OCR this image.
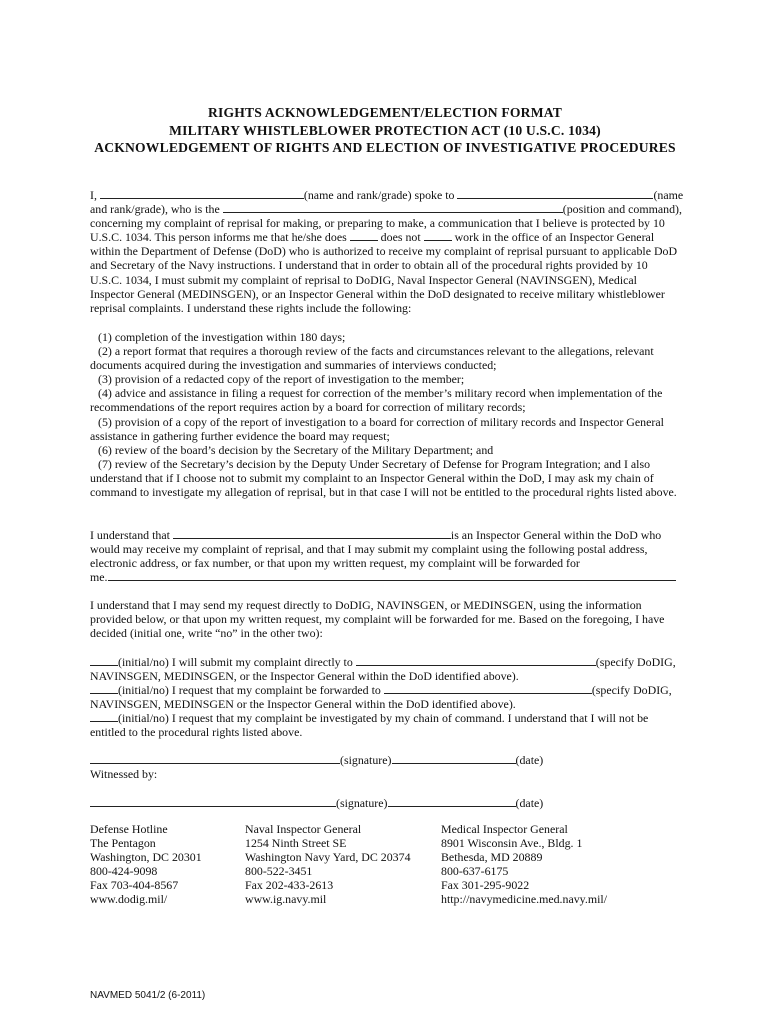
RIGHTS ACKNOWLEDGEMENT/ELECTION FORMAT
MILITARY WHISTLEBLOWER PROTECTION ACT (10 U.S.C. 1034)
ACKNOWLEDGEMENT OF RIGHTS AND ELECTION OF INVESTIGATIVE PROCEDURES
I,	(name and rank/grade) spoke to	(name
and rank/grade), who is the	(position and command),
concerning my complaint of reprisal for making, or preparing to make, a communication that I believe is protected by 10
U.S.C. 1034. This person informs me that he/she does  does not  work in the office of an Inspector General
within the Department of Defense (DoD) who is authorized to receive my complaint of reprisal pursuant to applicable DoD
and Secretary of the Navy instructions. I understand that in order to obtain all of the procedural rights provided by 10
U.S.C. 1034, I must submit my complaint of reprisal to DoDIG, Naval Inspector General (NAVINSGEN), Medical
Inspector General (MEDINSGEN), or an Inspector General within the DoD designated to receive military whistleblower
reprisal complaints. I understand these rights include the following:
(1) completion of the investigation within 180 days;
(2) a report format that requires a thorough review of the facts and circumstances relevant to the allegations, relevant
documents acquired during the investigation and summaries of interviews conducted;
(3) provision of a redacted copy of the report of investigation to the member;
(4) advice and assistance in filing a request for correction of the member’s military record when implementation of the
recommendations of the report requires action by a board for correction of military records;
(5) provision of a copy of the report of investigation to a board for correction of military records and Inspector General
assistance in gathering further evidence the board may request;
(6) review of the board’s decision by the Secretary of the Military Department; and
(7) review of the Secretary’s decision by the Deputy Under Secretary of Defense for Program Integration; and I also
understand that if I choose not to submit my complaint to an Inspector General within the DoD, I may ask my chain of
command to investigate my allegation of reprisal, but in that case I will not be entitled to the procedural rights listed above.
I understand that	is an Inspector General within the DoD who
would may receive my complaint of reprisal, and that I may submit my complaint using the following postal address,
electronic address, or fax number, or that upon my written request, my complaint will be forwarded for
me.
I understand that I may send my request directly to DoDIG, NAVINSGEN, or MEDINSGEN, using the information
provided below, or that upon my written request, my complaint will be forwarded for me. Based on the foregoing, I have
decided (initial one, write “no” in the other two):
(initial/no) I will submit my complaint directly to	(specify DoDIG,
NAVINSGEN, MEDINSGEN, or the Inspector General within the DoD identified above).
(initial/no) I request that my complaint be forwarded to	(specify DoDIG,
NAVINSGEN, MEDINSGEN or the Inspector General within the DoD identified above).
(initial/no) I request that my complaint be investigated by my chain of command. I understand that I will not be
entitled to the procedural rights listed above.
(signature)	(date)
Witnessed by:
(signature)	(date)
Defense Hotline
The Pentagon
Washington, DC 20301
800-424-9098
Fax 703-404-8567
www.dodig.mil/
Naval Inspector General
1254 Ninth Street SE
Washington Navy Yard, DC 20374
800-522-3451
Fax 202-433-2613
www.ig.navy.mil
Medical Inspector General
8901 Wisconsin Ave., Bldg. 1
Bethesda, MD 20889
800-637-6175
Fax 301-295-9022
http://navymedicine.med.navy.mil/
NAVMED 5041/2 (6-2011)
